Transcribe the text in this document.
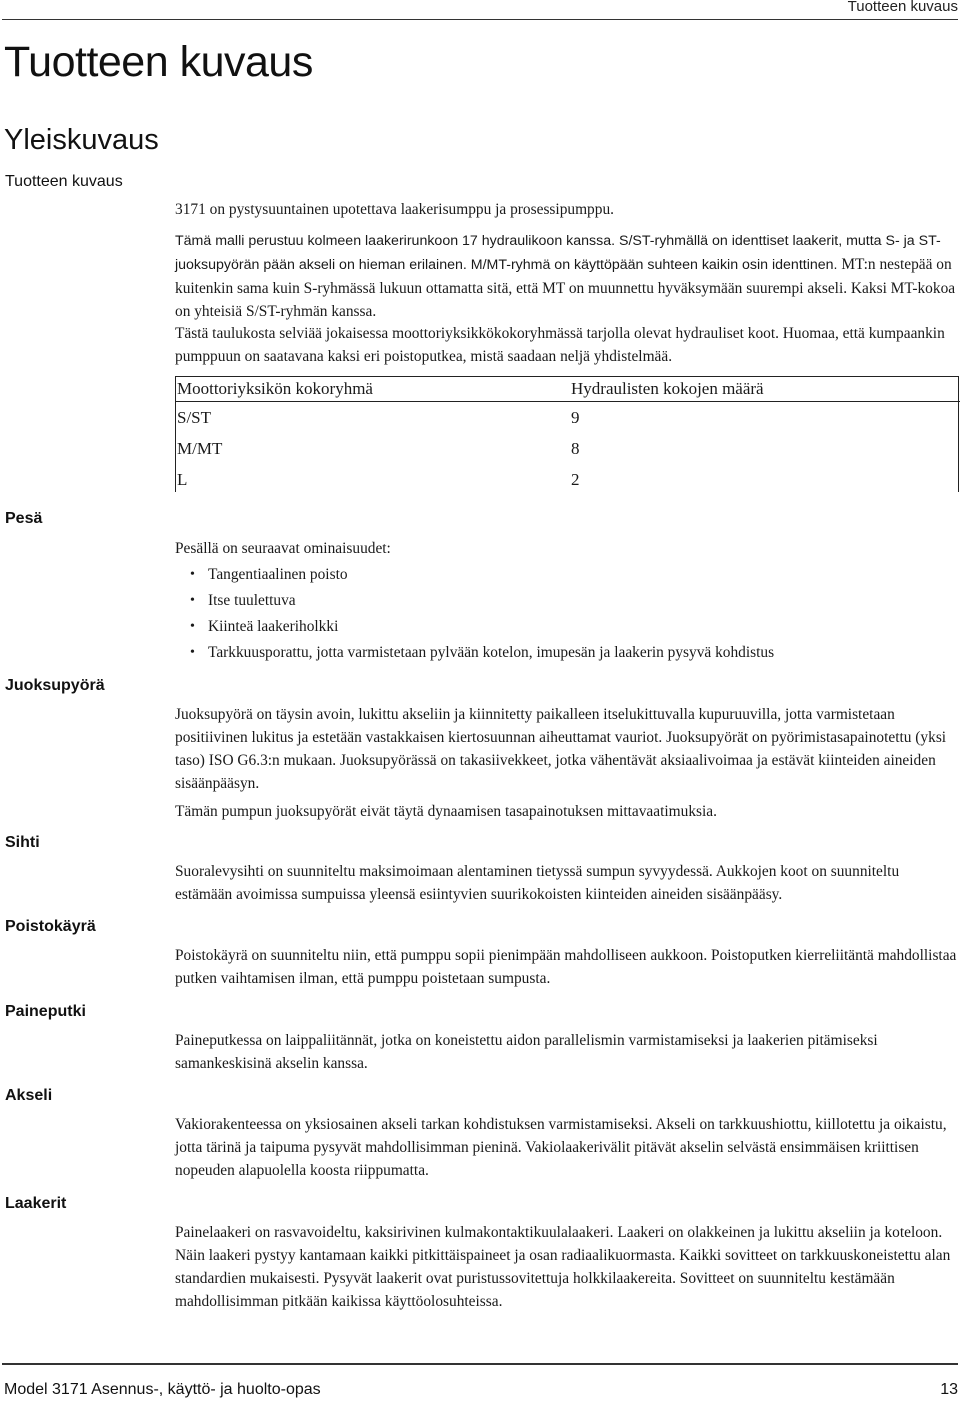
Tuotteen kuvaus
Tuotteen kuvaus
Yleiskuvaus
Tuotteen kuvaus
Pesä
Juoksupyörä
Sihti
Poistokäyrä
Paineputki
Akseli
Laakerit

3171 on pystysuuntainen upotettava laakerisumppu ja prosessipumppu.

Tämä malli perustuu kolmeen laakerirunkoon 17 hydraulikoon kanssa. S/ST-ryhmällä on identtiset laakerit, mutta S- ja ST-juoksupyörän pään akseli on hieman erilainen. M/MT-ryhmä on käyttöpään suhteen kaikin osin identtinen. MT:n nestepää on kuitenkin sama kuin S-ryhmässä lukuun ottamatta sitä, että MT on muunnettu hyväksymään suurempi akseli. Kaksi MT-kokoa on yhteisiä S/ST-ryhmän kanssa.

Tästä taulukosta selviää jokaisessa moottoriyksikkökokoryhmässä tarjolla olevat hydrauliset koot. Huomaa, että kumpaankin pumppuun on saatavana kaksi eri poistoputkea, mistä saadaan neljä yhdistelmää.

Moottoriyksikön kokoryhmä	Hydraulisten kokojen määrä
S/ST	9
M/MT	8
L	2

Pesällä on seuraavat ominaisuudet:

• Tangentiaalinen poisto
• Itse tuulettuva
• Kiinteä laakeriholkki
• Tarkkuusporattu, jotta varmistetaan pylvään kotelon, imupesän ja laakerin pysyvä kohdistus

Juoksupyörä on täysin avoin, lukittu akseliin ja kiinnitetty paikalleen itselukittuvalla kupuruuvilla, jotta varmistetaan positiivinen lukitus ja estetään vastakkaisen kiertosuunnan aiheuttamat vauriot. Juoksupyörät on pyörimistasapainotettu (yksi taso) ISO G6.3:n mukaan. Juoksupyörässä on takasiivekkeet, jotka vähentävät aksiaalivoimaa ja estävät kiinteiden aineiden sisäänpääsyn.

Tämän pumpun juoksupyörät eivät täytä dynaamisen tasapainotuksen mittavaatimuksia.

Suoralevysihti on suunniteltu maksimoimaan alentaminen tietyssä sumpun syvyydessä. Aukkojen koot on suunniteltu estämään avoimissa sumpuissa yleensä esiintyvien suurikokoisten kiinteiden aineiden sisäänpääsy.

Poistokäyrä on suunniteltu niin, että pumppu sopii pienimpään mahdolliseen aukkoon. Poistoputken kierreliitäntä mahdollistaa putken vaihtamisen ilman, että pumppu poistetaan sumpusta.

Paineputkessa on laippaliitännät, jotka on koneistettu aidon parallelismin varmistamiseksi ja laakerien pitämiseksi samankeskisinä akselin kanssa.

Vakiorakenteessa on yksiosainen akseli tarkan kohdistuksen varmistamiseksi. Akseli on tarkkuushiottu, kiillotettu ja oikaistu, jotta tärinä ja taipuma pysyvät mahdollisimman pieninä. Vakiolaakerivälit pitävät akselin selvästä ensimmäisen kriittisen nopeuden alapuolella koosta riippumatta.

Painelaakeri on rasvavoideltu, kaksirivinen kulmakontaktikuulalaakeri. Laakeri on olakkeinen ja lukittu akseliin ja koteloon. Näin laakeri pystyy kantamaan kaikki pitkittäispaineet ja osan radiaalikuormasta. Kaikki sovitteet on tarkkuuskoneistettu alan standardien mukaisesti. Pysyvät laakerit ovat puristussovitettuja holkkilaakereita. Sovitteet on suunniteltu kestämään mahdollisimman pitkään kaikissa käyttöolosuhteissa.

Model 3171 Asennus-, käyttö- ja huolto-opas	13
